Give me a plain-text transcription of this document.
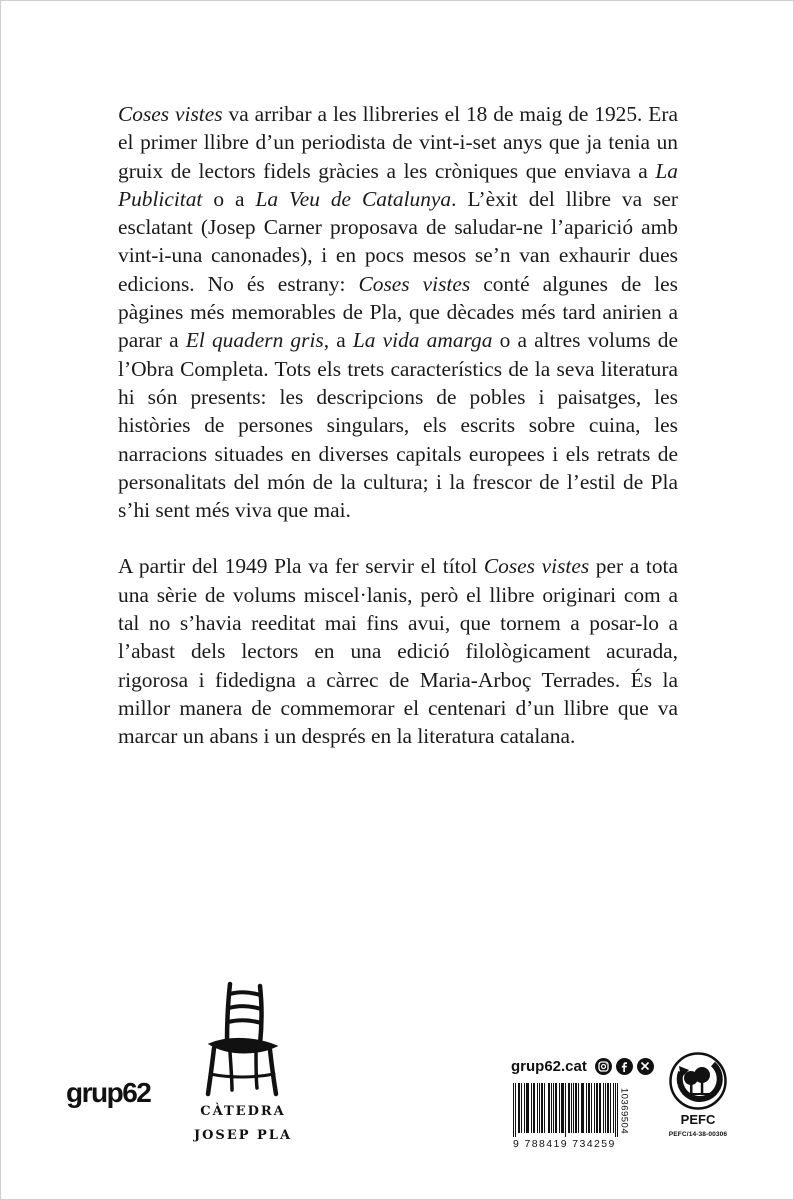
Coses vistes va arribar a les llibreries el 18 de maig de 1925. Era el primer llibre d’un periodista de vint-i-set anys que ja tenia un gruix de lectors fidels gràcies a les cròniques que enviava a La Publicitat o a La Veu de Catalunya. L’èxit del llibre va ser esclatant (Josep Carner proposava de saludar-ne l’aparició amb vint-i-una canonades), i en pocs mesos se’n van exhaurir dues edicions. No és estrany: Coses vistes conté algunes de les pàgines més memorables de Pla, que dècades més tard anirien a parar a El quadern gris, a La vida amarga o a altres volums de l’Obra Completa. Tots els trets característics de la seva literatura hi són presents: les descripcions de pobles i paisatges, les històries de persones singulars, els escrits sobre cuina, les narracions situades en diverses capitals europees i els retrats de personalitats del món de la cultura; i la frescor de l’estil de Pla s’hi sent més viva que mai.

A partir del 1949 Pla va fer servir el títol Coses vistes per a tota una sèrie de volums miscel·lanis, però el llibre originari com a tal no s’havia reeditat mai fins avui, que tornem a posar-lo a l’abast dels lectors en una edició filològicament acurada, rigorosa i fidedigna a càrrec de Maria-Arboç Terrades. És la millor manera de commemorar el centenari d’un llibre que va marcar un abans i un després en la literatura catalana.

CÀTEDRA
JOSEP PLA
grup62
grup62.cat
9 788419 734259
10369504	PEFC
PEFC/14-38-00306
